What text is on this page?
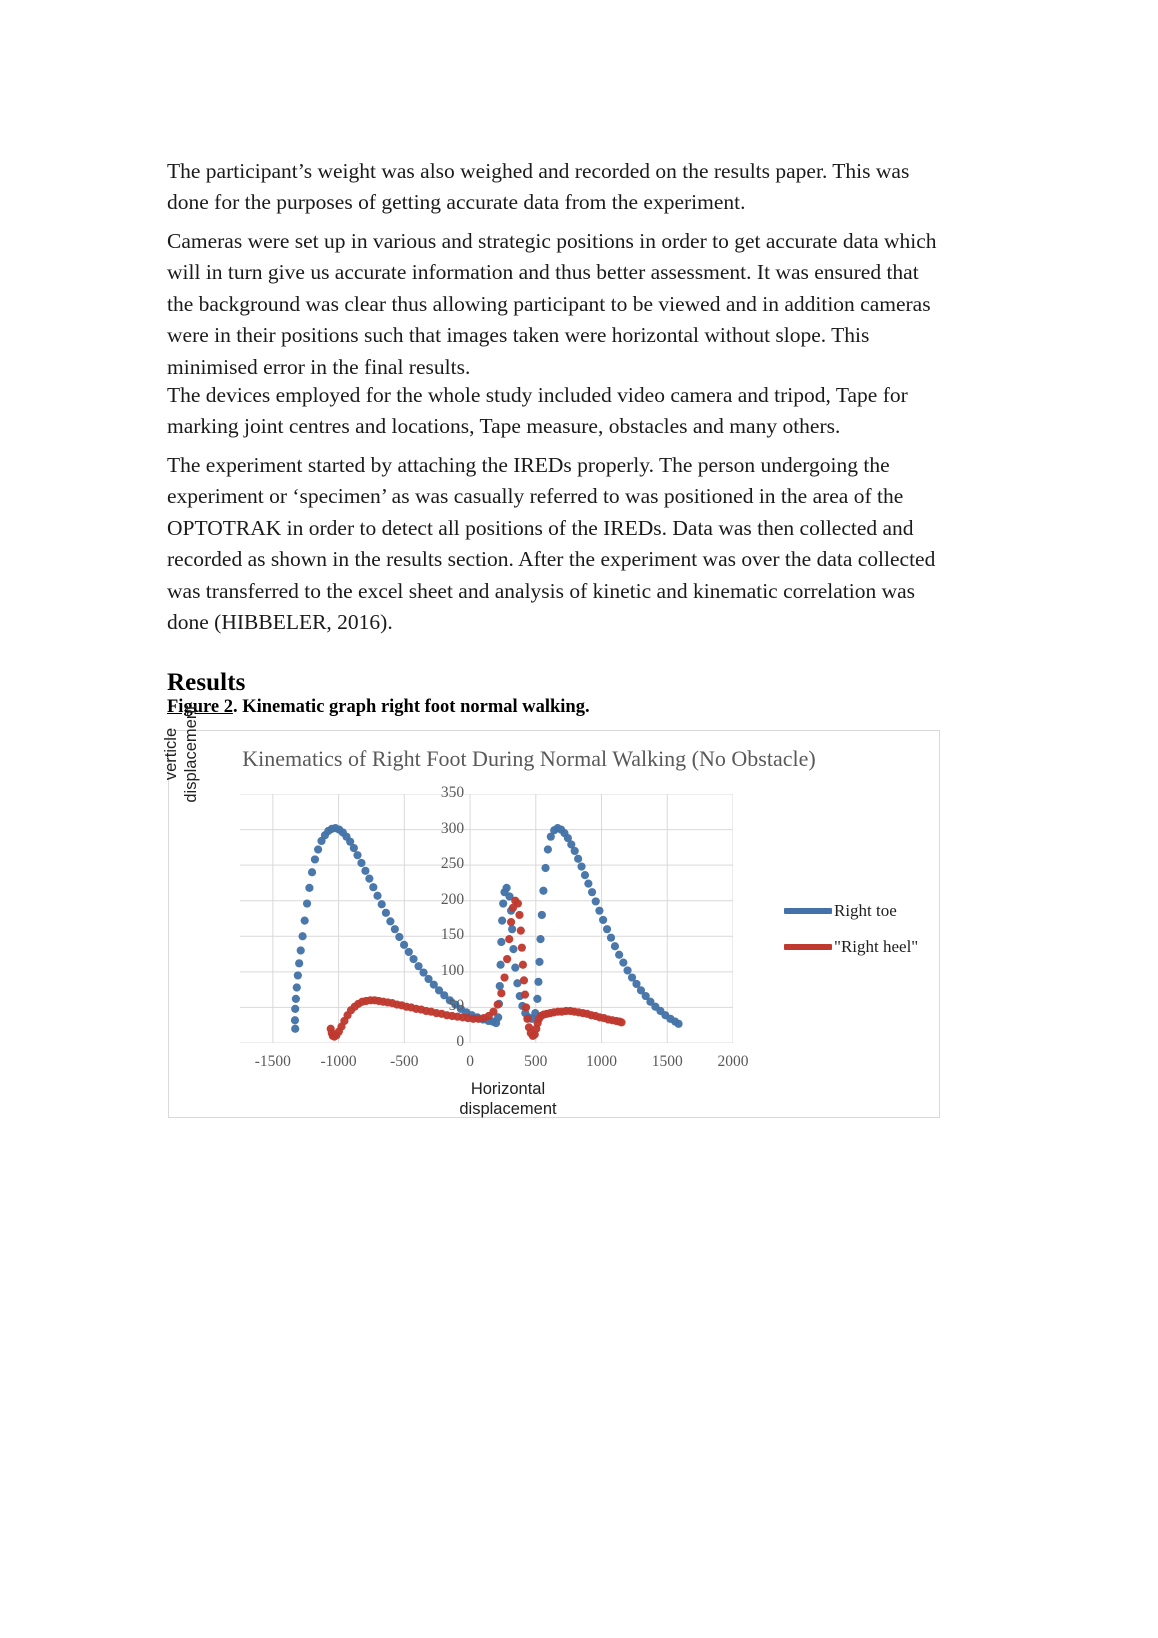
The participant’s weight was also weighed and recorded on the results paper. This was done for the purposes of getting accurate data from the experiment.

Cameras were set up in various and strategic positions in order to get accurate data which will in turn give us accurate information and thus better assessment. It was ensured that the background was clear thus allowing participant to be viewed and in addition cameras were in their positions such that images taken were horizontal without slope. This minimised error in the final results.

The devices employed for the whole study included video camera and tripod, Tape for marking joint centres and locations, Tape measure, obstacles and many others.

The experiment started by attaching the IREDs properly. The person undergoing the experiment or ‘specimen’ as was casually referred to was positioned in the area of the OPTOTRAK in order to detect all positions of the IREDs. Data was then collected and recorded as shown in the results section. After the experiment was over the data collected was transferred to the excel sheet and analysis of kinetic and kinematic correlation was done (HIBBELER, 2016).

Results
Figure 2. Kinematic graph right foot normal walking.
Kinematics of Right Foot During Normal Walking (No Obstacle)
verticle displacement
Horizontal displacement
0
50
100
150
200
250
300
350
-1500	-1000	-500	0	500	1000	1500	2000
Right toe
"Right heel"
